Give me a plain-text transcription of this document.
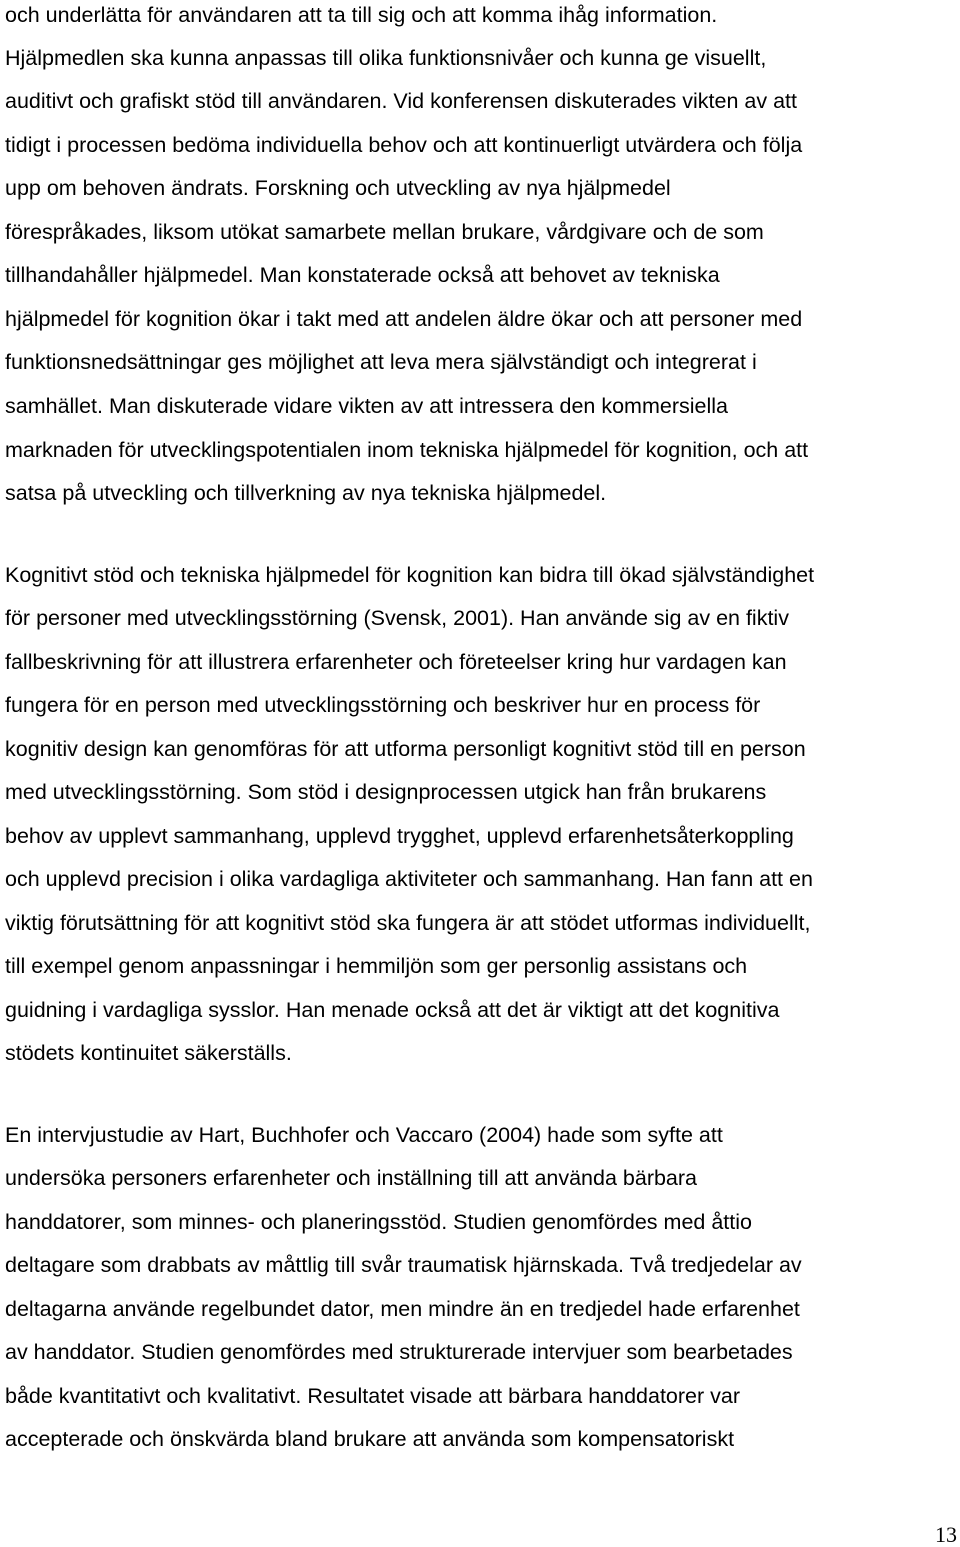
och underlätta för användaren att ta till sig och att komma ihåg information.

Hjälpmedlen ska kunna anpassas till olika funktionsnivåer och kunna ge visuellt,

auditivt och grafiskt stöd till användaren. Vid konferensen diskuterades vikten av att

tidigt i processen bedöma individuella behov och att kontinuerligt utvärdera och följa

upp om behoven ändrats. Forskning och utveckling av nya hjälpmedel

förespråkades, liksom utökat samarbete mellan brukare, vårdgivare och de som

tillhandahåller hjälpmedel. Man konstaterade också att behovet av tekniska

hjälpmedel för kognition ökar i takt med att andelen äldre ökar och att personer med

funktionsnedsättningar ges möjlighet att leva mera självständigt och integrerat i

samhället. Man diskuterade vidare vikten av att intressera den kommersiella

marknaden för utvecklingspotentialen inom tekniska hjälpmedel för kognition, och att

satsa på utveckling och tillverkning av nya tekniska hjälpmedel.

Kognitivt stöd och tekniska hjälpmedel för kognition kan bidra till ökad självständighet

för personer med utvecklingsstörning (Svensk, 2001). Han använde sig av en fiktiv

fallbeskrivning för att illustrera erfarenheter och företeelser kring hur vardagen kan

fungera för en person med utvecklingsstörning och beskriver hur en process för

kognitiv design kan genomföras för att utforma personligt kognitivt stöd till en person

med utvecklingsstörning. Som stöd i designprocessen utgick han från brukarens

behov av upplevt sammanhang, upplevd trygghet, upplevd erfarenhetsåterkoppling

och upplevd precision i olika vardagliga aktiviteter och sammanhang. Han fann att en

viktig förutsättning för att kognitivt stöd ska fungera är att stödet utformas individuellt,

till exempel genom anpassningar i hemmiljön som ger personlig assistans och

guidning i vardagliga sysslor. Han menade också att det är viktigt att det kognitiva

stödets kontinuitet säkerställs.

En intervjustudie av Hart, Buchhofer och Vaccaro (2004) hade som syfte att

undersöka personers erfarenheter och inställning till att använda bärbara

handdatorer, som minnes- och planeringsstöd. Studien genomfördes med åttio

deltagare som drabbats av måttlig till svår traumatisk hjärnskada. Två tredjedelar av

deltagarna använde regelbundet dator, men mindre än en tredjedel hade erfarenhet

av handdator. Studien genomfördes med strukturerade intervjuer som bearbetades

både kvantitativt och kvalitativt. Resultatet visade att bärbara handdatorer var

accepterade och önskvärda bland brukare att använda som kompensatoriskt

13
